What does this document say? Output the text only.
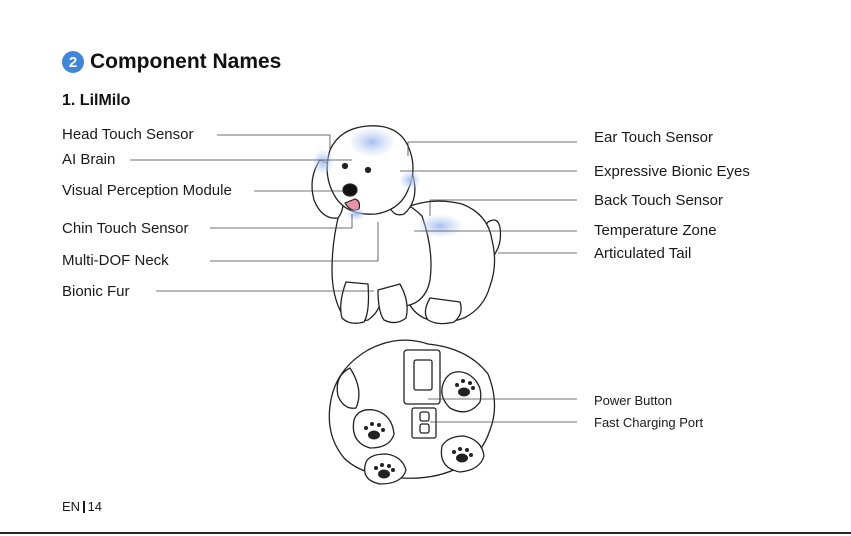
2 Component Names
1. LilMilo
Head Touch Sensor
AI Brain
Visual Perception Module
Chin Touch Sensor
Multi-DOF Neck
Bionic Fur
Ear Touch Sensor
Expressive Bionic Eyes
Back Touch Sensor
Temperature Zone
Articulated Tail
Power Button
Fast Charging Port
EN 14
